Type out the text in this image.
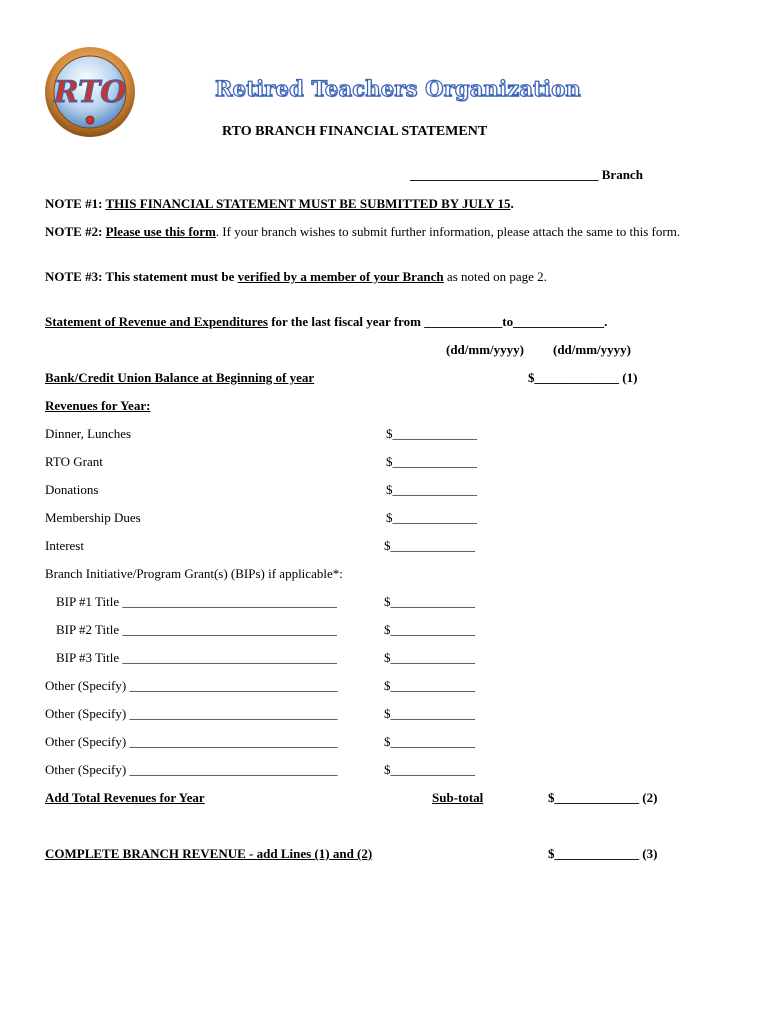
RTO	Retired Teachers Organization
RTO BRANCH FINANCIAL STATEMENT
_____________________________ Branch
NOTE #1: THIS FINANCIAL STATEMENT MUST BE SUBMITTED BY JULY 15.
NOTE #2: Please use this form. If your branch wishes to submit further information, please attach the same to this form.
NOTE #3: This statement must be verified by a member of your Branch as noted on page 2.
Statement of Revenue and Expenditures for the last fiscal year from ____________to______________.
(dd/mm/yyyy) (dd/mm/yyyy)
Bank/Credit Union Balance at Beginning of year	$_____________ (1)
Revenues for Year:
Dinner, Lunches	$_____________
RTO Grant	$_____________
Donations	$_____________
Membership Dues	$_____________
Interest	$_____________
Branch Initiative/Program Grant(s) (BIPs) if applicable*:
BIP #1 Title _________________________________	$_____________
BIP #2 Title _________________________________	$_____________
BIP #3 Title _________________________________	$_____________
Other (Specify) ________________________________	$_____________
Other (Specify) ________________________________	$_____________
Other (Specify) ________________________________	$_____________
Other (Specify) ________________________________	$_____________
Add Total Revenues for Year	Sub-total	$_____________ (2)
COMPLETE BRANCH REVENUE - add Lines (1) and (2)	$_____________ (3)
